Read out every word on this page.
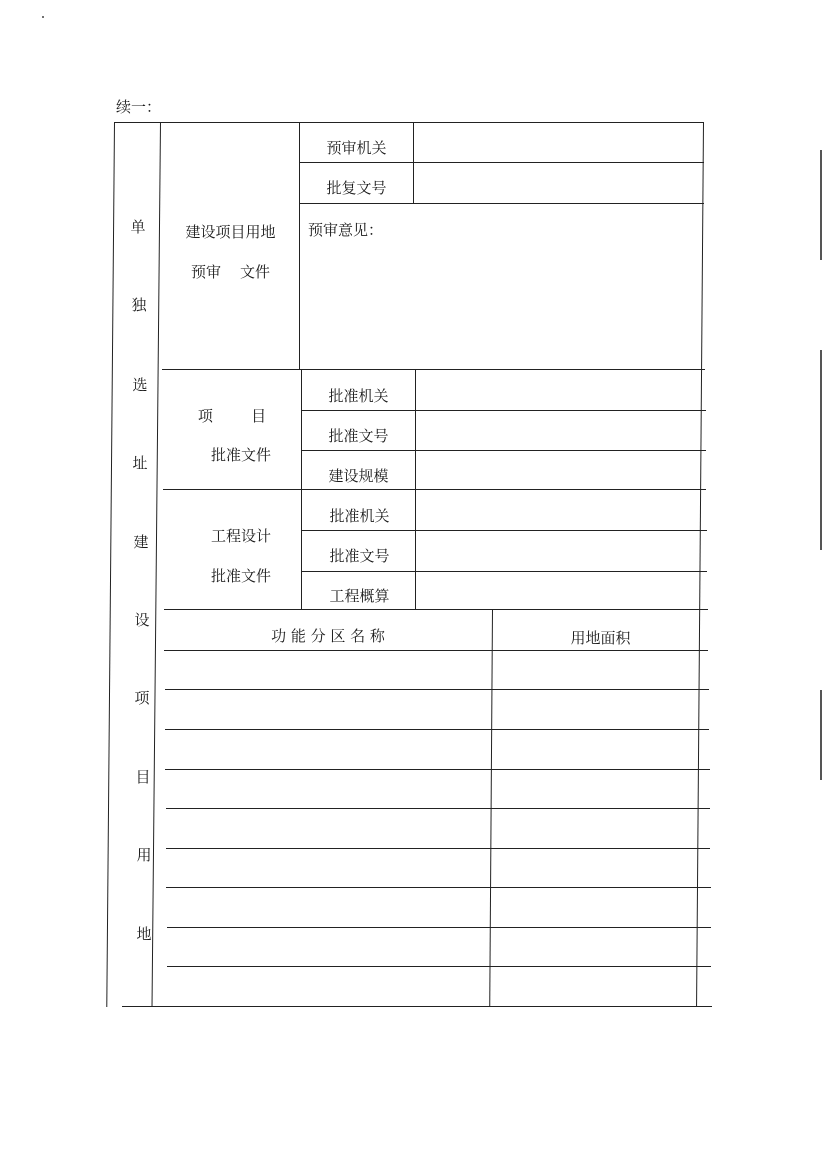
续一：
单
独
选
址
建
设
项
目
用
地
建设项目用地
预审    文件
预审机关
批复文号
预审意见：
项        目
批准文件
批准机关
批准文号
建设规模
工程设计
批准文件
批准机关
批准文号
工程概算
功 能 分 区 名 称	用地面积
